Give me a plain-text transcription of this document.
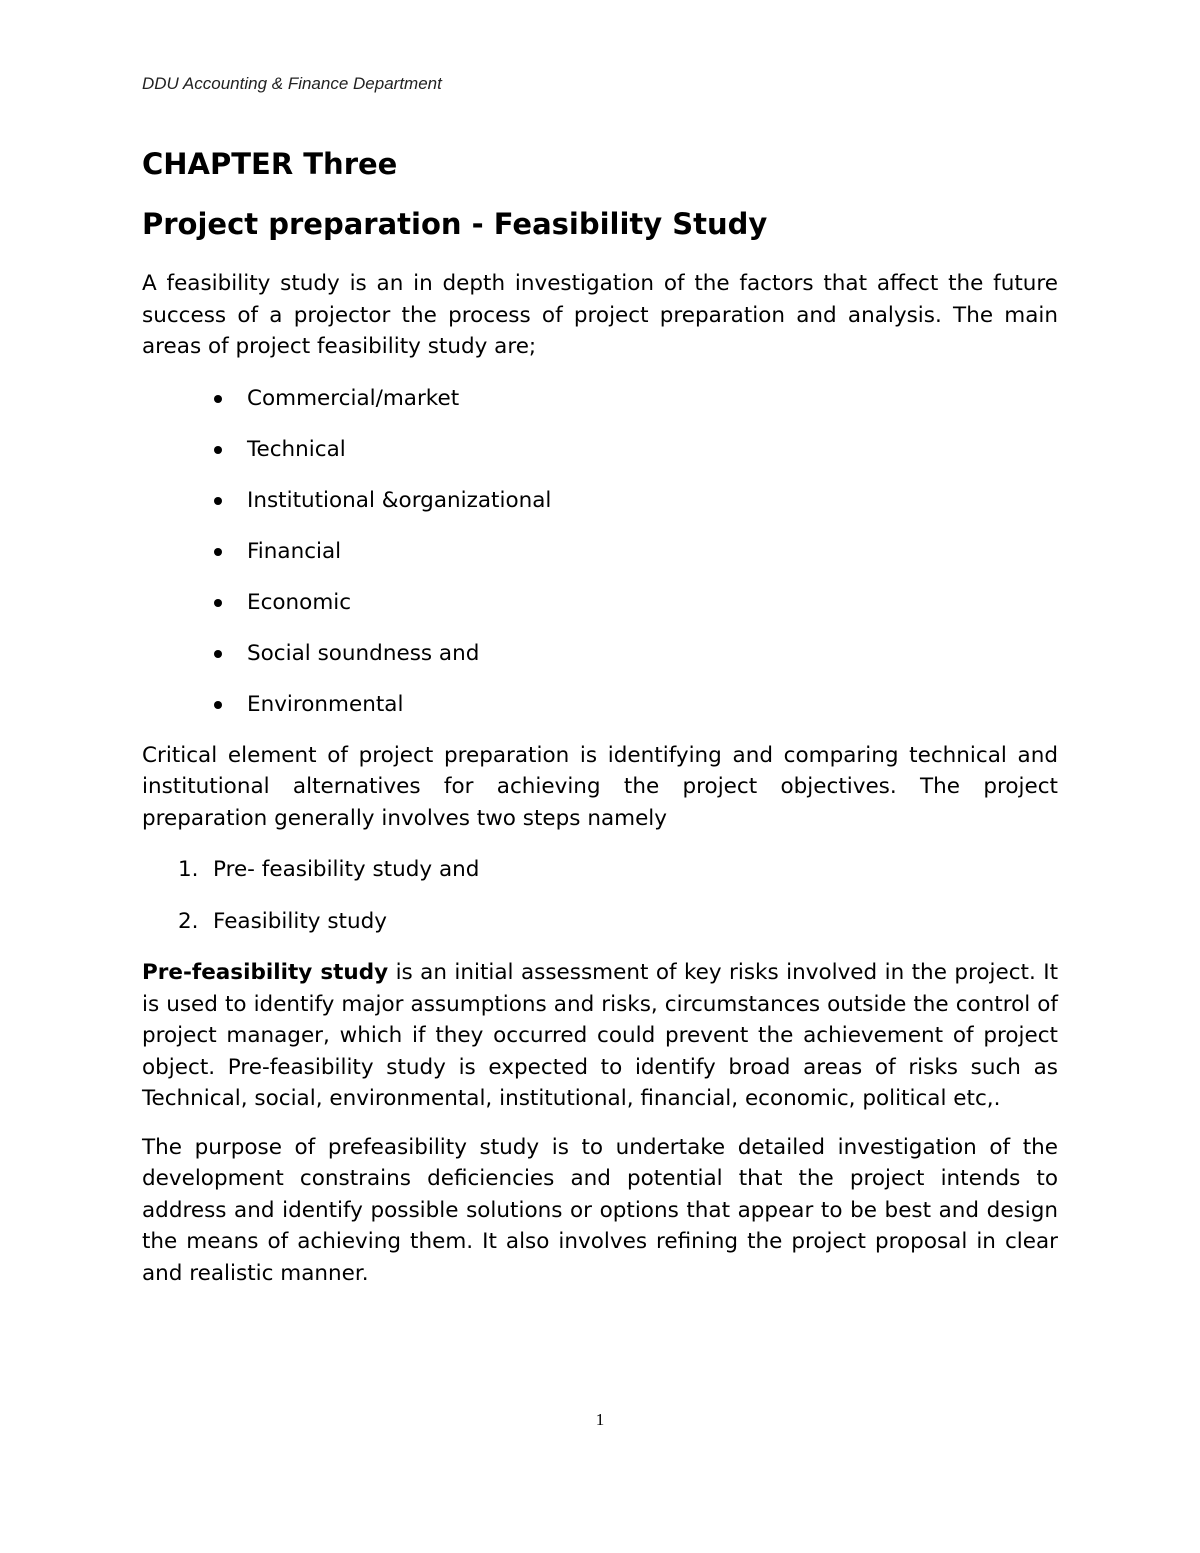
DDU Accounting & Finance Department
CHAPTER Three
Project preparation - Feasibility Study

A feasibility study is an in depth investigation of the factors that affect the future success of a projector the process of project preparation and analysis. The main areas of project feasibility study are;

Commercial/market
Technical
Institutional &organizational
Financial
Economic
Social soundness and
Environmental

Critical element of project preparation is identifying and comparing technical and institutional alternatives for achieving the project objectives. The project preparation generally involves two steps namely

1. Pre- feasibility study and
2. Feasibility study

Pre-feasibility study is an initial assessment of key risks involved in the project. It is used to identify major assumptions and risks, circumstances outside the control of project manager, which if they occurred could prevent the achievement of project object. Pre-feasibility study is expected to identify broad areas of risks such as Technical, social, environmental, institutional, financial, economic, political etc,.

The purpose of prefeasibility study is to undertake detailed investigation of the development constrains deficiencies and potential that the project intends to address and identify possible solutions or options that appear to be best and design the means of achieving them. It also involves refining the project proposal in clear and realistic manner.

1
